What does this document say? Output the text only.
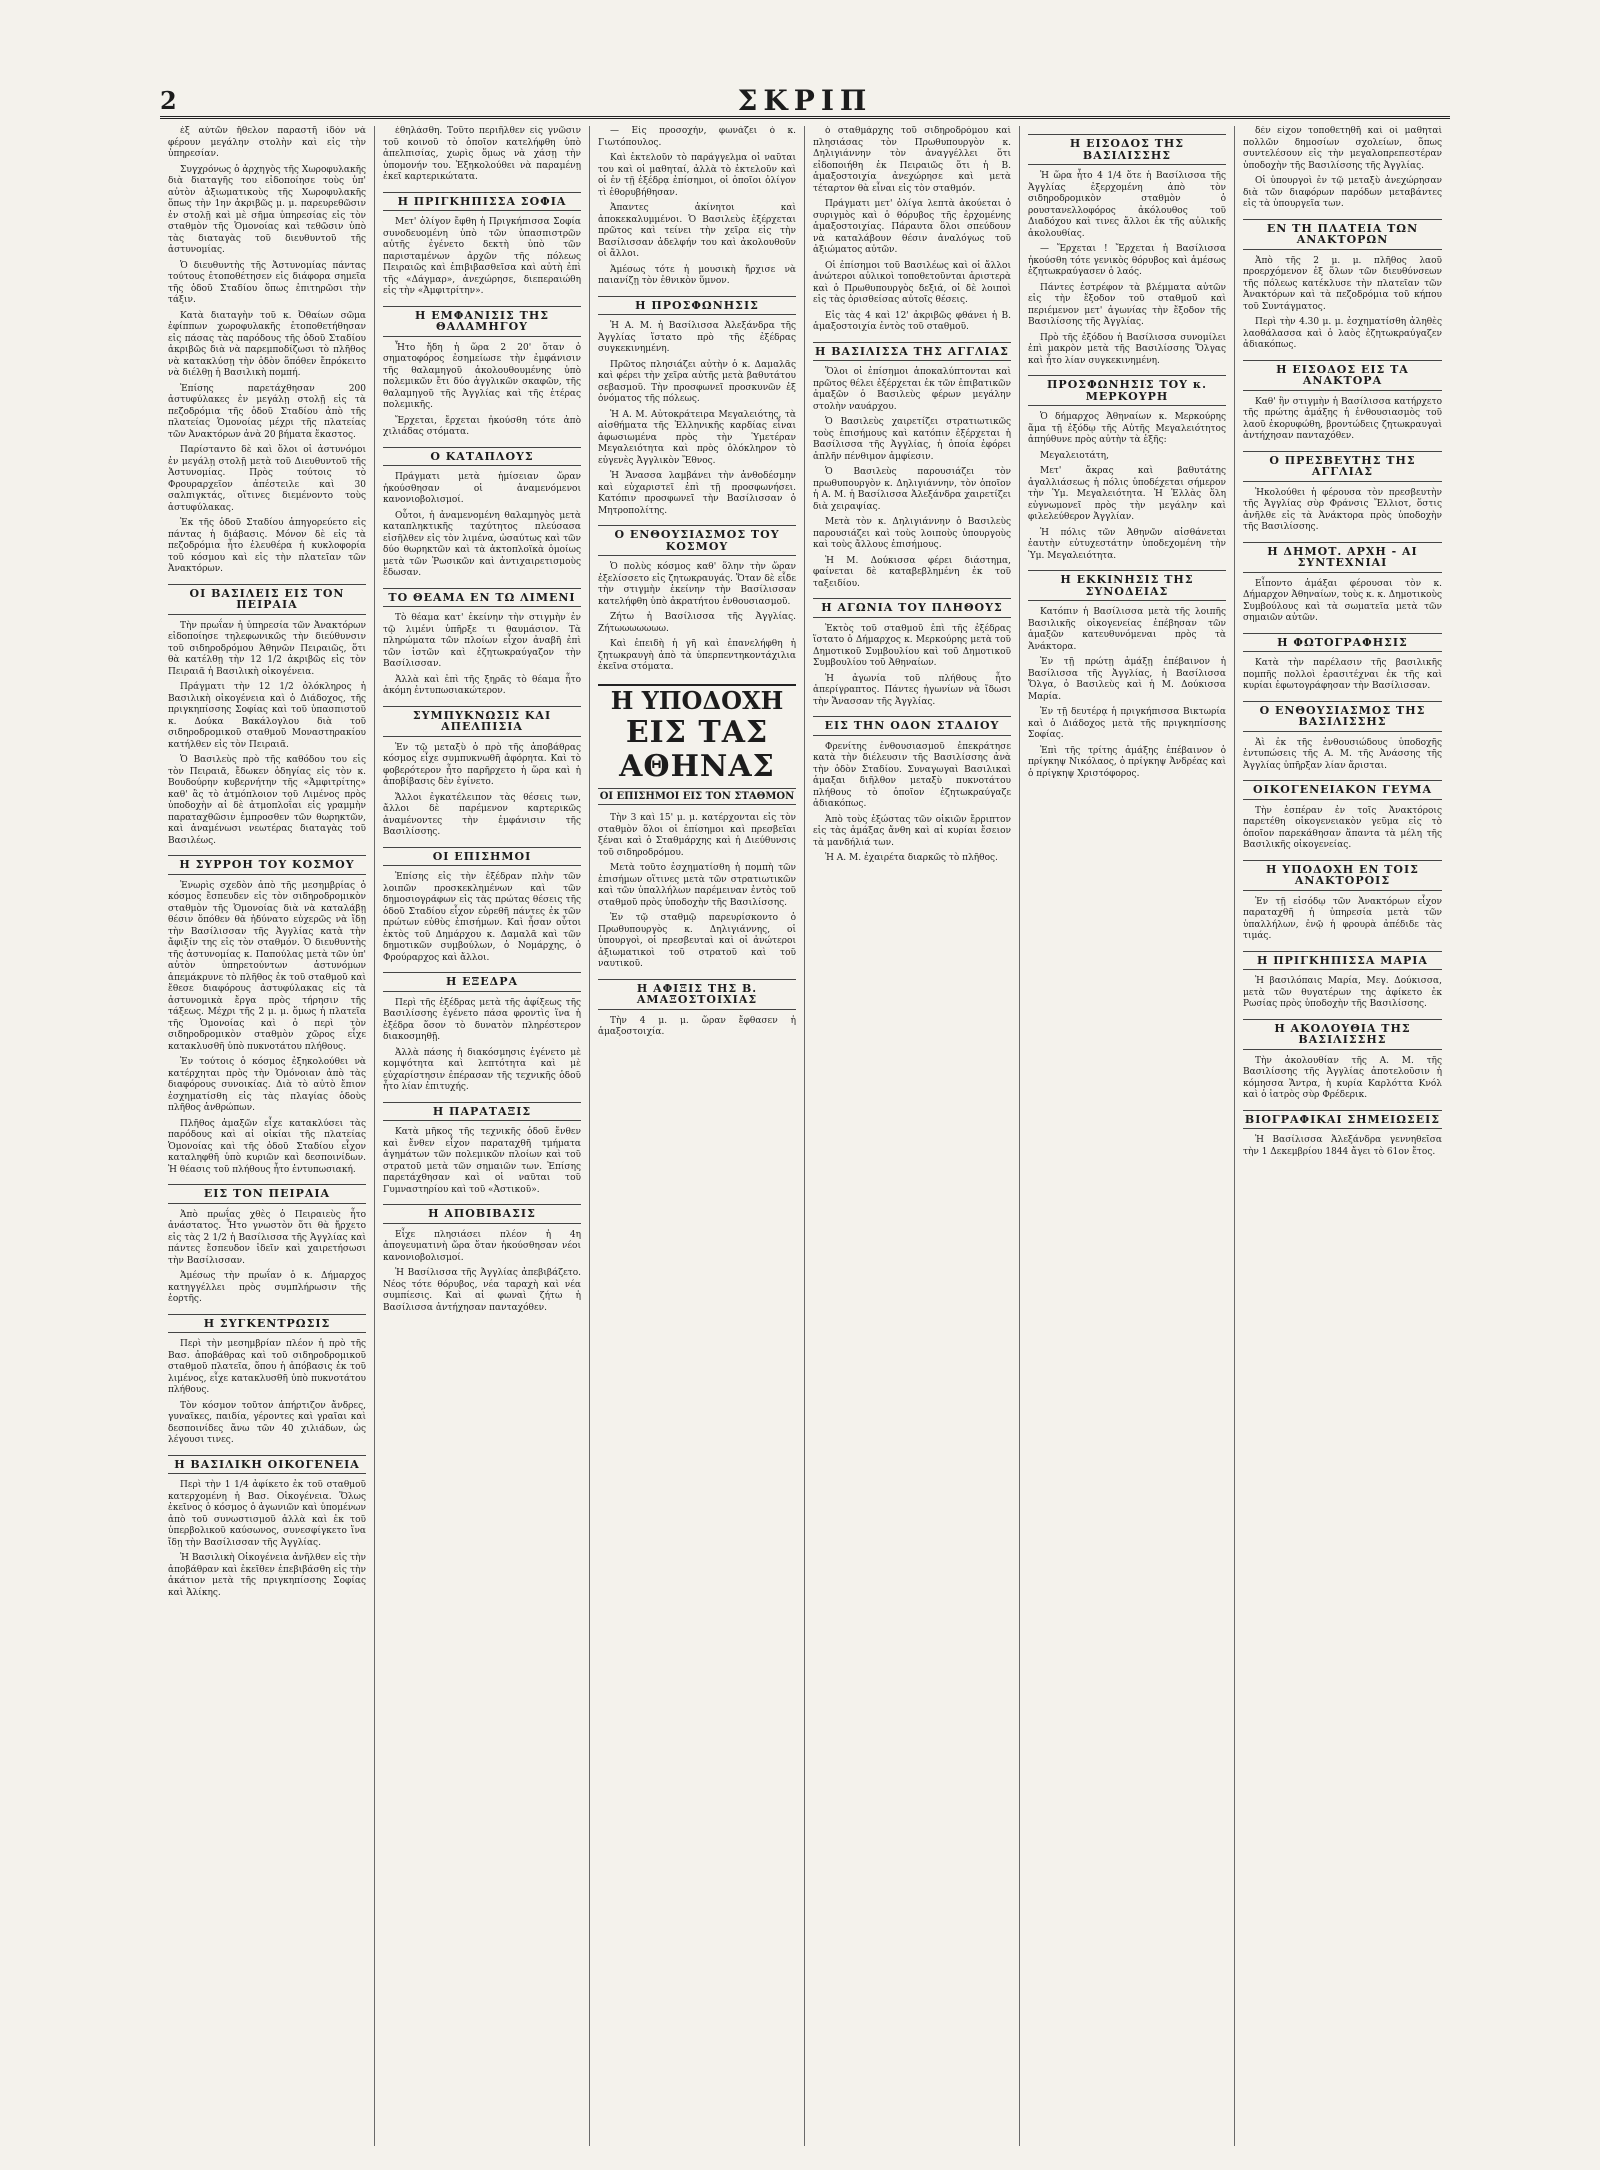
2	ΣΚΡΙΠ

ἐξ αὐτῶν ἤθελον παραστῆ ἰδόν νὰ φέρουν μεγάλην στολὴν καὶ εἰς τὴν ὑπηρεσίαν.

Συγχρόνως ὁ ἀρχηγὸς τῆς Χωροφυλακῆς διὰ διαταγῆς του εἰδοποίησε τοὺς ὑπ' αὐτὸν ἀξιωματικοὺς τῆς Χωροφυλακῆς ὅπως τὴν 1ην ἀκριβῶς μ. μ. παρευρεθῶσιν ἐν στολῇ καὶ μὲ σῆμα ὑπηρεσίας εἰς τὸν σταθμὸν τῆς Ὁμονοίας καὶ τεθῶσιν ὑπὸ τὰς διαταγὰς τοῦ διευθυντοῦ τῆς ἀστυνομίας.

Ὁ διευθυντὴς τῆς Ἀστυνομίας πάντας τούτους ἐτοποθέτησεν εἰς διάφορα σημεῖα τῆς ὁδοῦ Σταδίου ὅπως ἐπιτηρῶσι τὴν τάξιν.

Κατὰ διαταγὴν τοῦ κ. Ὀθαίων σῶμα ἐφίππων χωροφυλακῆς ἐτοποθετήθησαν εἰς πάσας τὰς παρόδους τῆς ὁδοῦ Σταδίου ἀκριβῶς διὰ νὰ παρεμποδίζωσι τὸ πλῆθος νὰ κατακλύσῃ τὴν ὁδὸν ὅπόθεν ἔπρόκειτο νὰ διέλθῃ ἡ Βασιλικὴ πομπή.

Ἐπίσης παρετάχθησαν 200 ἀστυφύλακες ἐν μεγάλῃ στολῇ εἰς τὰ πεζοδρόμια τῆς ὁδοῦ Σταδίου ἀπὸ τῆς πλατείας Ὁμονοίας μέχρι τῆς πλατείας τῶν Ἀνακτόρων ἀνὰ 20 βήματα ἕκαστος.

Παρίσταντο δὲ καὶ ὅλοι οἱ ἀστυνόμοι ἐν μεγάλῃ στολῇ μετὰ τοῦ Διευθυντοῦ τῆς Ἀστυνομίας. Πρὸς τούτοις τὸ Φρουραρχεῖον ἀπέστειλε καὶ 30 σαλπιγκτάς, οἵτινες διεμένοντο τοὺς ἀστυφύλακας.

Ἐκ τῆς ὁδοῦ Σταδίου ἀπηγορεύετο εἰς πάντας ἡ διάβασις. Μόνον δὲ εἰς τὰ πεζοδρόμια ἦτο ἐλευθέρα ἡ κυκλοφορία τοῦ κόσμου καὶ εἰς τὴν πλατεῖαν τῶν Ἀνακτόρων.

ΟΙ ΒΑΣΙΛΕΙΣ ΕΙΣ ΤΟΝ ΠΕΙΡΑΙΑ

Τὴν πρωΐαν ἡ ὑπηρεσία τῶν Ἀνακτόρων εἰδοποίησε τηλεφωνικῶς τὴν διεύθυνσιν τοῦ σιδηροδρόμου Ἀθηνῶν Πειραιῶς, ὅτι θὰ κατέλθῃ τὴν 12 1/2 ἀκριβῶς εἰς τὸν Πειραιᾶ ἡ Βασιλικὴ οἰκογένεια.

Πράγματι τὴν 12 1/2 ὁλόκληρος ἡ Βασιλικὴ οἰκογένεια καὶ ὁ Διάδοχος, τῆς πριγκηπίσσης Σοφίας καὶ τοῦ ὑπασπιστοῦ κ. Δούκα Βακάλογλου διὰ τοῦ σιδηροδρομικοῦ σταθμοῦ Μοναστηρακίου κατήλθεν εἰς τὸν Πειραιᾶ.

Ὁ Βασιλεὺς πρὸ τῆς καθόδου του εἰς τὸν Πειραιᾶ, ἔδωκεν ὁδηγίας εἰς τὸν κ. Βουδούρην κυβερνήτην τῆς «Ἀμφιτρίτης» καθ' ἃς τὸ ἀτμόπλοιον τοῦ Λιμένος πρὸς ὑποδοχὴν αἱ δὲ ἀτμοπλοΐαι εἰς γραμμὴν παραταχθῶσιν ἐμπροσθεν τῶν θωρηκτῶν, καὶ ἀναμένωσι νεωτέρας διαταγὰς τοῦ Βασιλέως.

Η ΣΥΡΡΟΗ ΤΟΥ ΚΟΣΜΟΥ

Ἐνωρὶς σχεδὸν ἀπὸ τῆς μεσημβρίας ὁ κόσμος ἔσπευδεν εἰς τὸν σιδηροδρομικὸν σταθμὸν τῆς Ὁμονοίας διὰ νὰ καταλάβῃ θέσιν ὅπόθεν θὰ ἠδύνατο εὐχερῶς νὰ ἴδῃ τὴν Βασίλισσαν τῆς Ἀγγλίας κατὰ τὴν ἄφιξίν της εἰς τὸν σταθμόν. Ὁ διευθυντὴς τῆς ἀστυνομίας κ. Παπούλας μετὰ τῶν ὑπ' αὐτὸν ὑπηρετούντων ἀστυνόμων ἀπεμάκρυνε τὸ πλῆθος ἐκ τοῦ σταθμοῦ καὶ ἔθεσε διαφόρους ἀστυφύλακας εἰς τὰ ἀστυνομικὰ ἔργα πρὸς τήρησιν τῆς τάξεως. Μέχρι τῆς 2 μ. μ. ὅμως ἡ πλατεῖα τῆς Ὁμονοίας καὶ ὁ περὶ τὸν σιδηροδρομικὸν σταθμὸν χῶρος εἶχε κατακλυσθῆ ὑπὸ πυκνοτάτου πλήθους.

Ἐν τούτοις ὁ κόσμος ἐξηκολούθει νὰ κατέρχηται πρὸς τὴν Ὁμόνοιαν ἀπὸ τὰς διαφόρους συνοικίας. Διὰ τὸ αὐτὸ ἔπιον ἐσχηματίσθη εἰς τὰς πλαγίας ὁδοὺς πλῆθος ἀνθρώπων.

Πλῆθος ἀμαξῶν εἶχε κατακλύσει τὰς παρόδους καὶ αἱ οἰκίαι τῆς πλατείας Ὁμονοίας καὶ τῆς ὁδοῦ Σταδίου εἶχον καταληφθῆ ὑπὸ κυριῶν καὶ δεσποινίδων. Ἡ θέασις τοῦ πλήθους ἦτο ἐντυπωσιακή.

ΕΙΣ ΤΟΝ ΠΕΙΡΑΙΑ

Ἀπὸ πρωΐας χθὲς ὁ Πειραιεὺς ἦτο ἀνάστατος. Ἦτο γνωστὸν ὅτι θὰ ἤρχετο εἰς τὰς 2 1/2 ἡ Βασίλισσα τῆς Ἀγγλίας καὶ πάντες ἔσπευδον ἰδεῖν καὶ χαιρετήσωσι τὴν Βασίλισσαν.

Ἀμέσως τὴν πρωΐαν ὁ κ. Δήμαρχος κατηγγέλλει πρὸς συμπλήρωσιν τῆς ἑορτῆς.

Η ΣΥΓΚΕΝΤΡΩΣΙΣ

Περὶ τὴν μεσημβρίαν πλέον ἡ πρὸ τῆς Βασ. ἀποβάθρας καὶ τοῦ σιδηροδρομικοῦ σταθμοῦ πλατεῖα, ὅπου ἡ ἀπόβασις ἐκ τοῦ λιμένος, εἶχε κατακλυσθῆ ὑπὸ πυκνοτάτου πλήθους.

Τὸν κόσμον τοῦτον ἀπήρτιζον ἄνδρες, γυναῖκες, παιδία, γέροντες καὶ γραῖαι καὶ δεσποινίδες ἄνω τῶν 40 χιλιάδων, ὡς λέγουσι τινες.

Η ΒΑΣΙΛΙΚΗ ΟΙΚΟΓΕΝΕΙΑ

Περὶ τὴν 1 1/4 ἀφίκετο ἐκ τοῦ σταθμοῦ κατερχομένη ἡ Βασ. Οἰκογένεια. Ὅλως ἐκεῖνος ὁ κόσμος ὁ ἀγωνιῶν καὶ ὑπομένων ἀπὸ τοῦ συνωστισμοῦ ἀλλὰ καὶ ἐκ τοῦ ὑπερβολικοῦ καύσωνος, συνεσφίγκετο ἵνα ἴδῃ τὴν Βασίλισσαν τῆς Ἀγγλίας.

Ἡ Βασιλικὴ Οἰκογένεια ἀνῆλθεν εἰς τὴν ἀποβάθραν καὶ ἐκεῖθεν ἐπεβιβάσθη εἰς τὴν ἀκάτιον μετὰ τῆς πριγκηπίσσης Σοφίας καὶ Ἀλίκης.

ἐθηλάσθη. Τοῦτο περιῆλθεν εἰς γνῶσιν τοῦ κοινοῦ τὸ ὁποῖον κατελήφθη ὑπὸ ἀπελπισίας, χωρὶς ὅμως νὰ χάσῃ τὴν ὑπομονήν του. Ἐξηκολούθει νὰ παραμένῃ ἐκεῖ καρτερικώτατα.

Η ΠΡΙΓΚΗΠΙΣΣΑ ΣΟΦΙΑ

Μετ' ὀλίγον ἔφθη ἡ Πριγκήπισσα Σοφία συνοδευομένη ὑπὸ τῶν ὑπασπιστρῶν αὐτῆς ἐγένετο δεκτὴ ὑπὸ τῶν παρισταμένων ἀρχῶν τῆς πόλεως Πειραιῶς καὶ ἐπιβιβασθεῖσα καὶ αὐτὴ ἐπὶ τῆς «Δάγμαρ», ἀνεχώρησε, διεπεραιώθη εἰς τὴν «Ἀμφιτρίτην».

Η ΕΜΦΑΝΙΣΙΣ ΤΗΣ ΘΑΛΑΜΗΓΟΥ

Ἦτο ἤδη ἡ ὥρα 2 20' ὅταν ὁ σηματοφόρος ἐσημείωσε τὴν ἐμφάνισιν τῆς θαλαμηγοῦ ἀκολουθουμένης ὑπὸ πολεμικῶν ἔτι δύο ἀγγλικῶν σκαφῶν, τῆς θαλαμηγοῦ τῆς Ἀγγλίας καὶ τῆς ἑτέρας πολεμικῆς.

Ἔρχεται, ἔρχεται ἠκούσθη τότε ἀπὸ χιλιάδας στόματα.

Ο ΚΑΤΑΠΛΟΥΣ

Πράγματι μετὰ ἡμίσειαν ὥραν ἠκούσθησαν οἱ ἀναμενόμενοι κανονιοβολισμοί.

Οὗτοι, ἡ ἀναμενομένη θαλαμηγὸς μετὰ καταπληκτικῆς ταχύτητος πλεύσασα εἰσῆλθεν εἰς τὸν λιμένα, ὡσαύτως καὶ τῶν δύο θωρηκτῶν καὶ τὰ ἀκτοπλοϊκὰ ὁμοίως μετὰ τῶν Ῥωσικῶν καὶ ἀντιχαιρετισμοὺς ἔδωσαν.

ΤΟ ΘΕΑΜΑ ΕΝ ΤΩ ΛΙΜΕΝΙ

Τὸ θέαμα κατ' ἐκείνην τὴν στιγμὴν ἐν τῷ λιμένι ὑπῆρξε τι θαυμάσιον. Τὰ πληρώματα τῶν πλοίων εἶχον ἀναβῆ ἐπὶ τῶν ἱστῶν καὶ ἐζητωκραύγαζον τὴν Βασίλισσαν.

Ἀλλὰ καὶ ἐπὶ τῆς ξηρᾶς τὸ θέαμα ἦτο ἀκόμη ἐντυπωσιακώτερον.

ΣΥΜΠΥΚΝΩΣΙΣ ΚΑΙ ΑΠΕΛΠΙΣΙΑ

Ἐν τῷ μεταξὺ ὁ πρὸ τῆς ἀποβάθρας κόσμος εἶχε συμπυκνωθῆ ἀφόρητα. Καὶ τὸ φοβερότερον ἦτο παρῆρχετο ἡ ὥρα καὶ ἡ ἀποβίβασις δὲν ἐγίνετο.

Ἄλλοι ἐγκατέλειπον τὰς θέσεις των, ἄλλοι δὲ παρέμενον καρτερικῶς ἀναμένοντες τὴν ἐμφάνισιν τῆς Βασιλίσσης.

ΟΙ ΕΠΙΣΗΜΟΙ

Ἐπίσης εἰς τὴν ἐξέδραν πλὴν τῶν λοιπῶν προσκεκλημένων καὶ τῶν δημοσιογράφων εἰς τὰς πρώτας θέσεις τῆς ὁδοῦ Σταδίου εἶχον εὑρεθῆ πάντες ἐκ τῶν πρώτων εὐθὺς ἐπισήμων. Καὶ ἦσαν οὗτοι ἐκτὸς τοῦ Δημάρχου κ. Δαμαλᾶ καὶ τῶν δημοτικῶν συμβούλων, ὁ Νομάρχης, ὁ Φρούραρχος καὶ ἄλλοι.

Η ΕΞΕΔΡΑ

Περὶ τῆς ἐξέδρας μετὰ τῆς ἀφίξεως τῆς Βασιλίσσης ἐγένετο πάσα φροντὶς ἵνα ἡ ἐξέδρα ὅσον τὸ δυνατὸν πληρέστερον διακοσμηθῇ.

Ἀλλὰ πάσης ἡ διακόσμησις ἐγένετο μὲ κομψότητα καὶ λεπτότητα καὶ μὲ εὐχαρίστησιν ἐπέρασαν τῆς τεχνικῆς ὁδοῦ ἦτο λίαν ἐπιτυχής.

Η ΠΑΡΑΤΑΞΙΣ

Κατὰ μῆκος τῆς τεχνικῆς ὁδοῦ ἔνθεν καὶ ἔνθεν εἶχον παραταχθῆ τμήματα ἀγημάτων τῶν πολεμικῶν πλοίων καὶ τοῦ στρατοῦ μετὰ τῶν σημαιῶν των. Ἐπίσης παρετάχθησαν καὶ οἱ ναῦται τοῦ Γυμναστηρίου καὶ τοῦ «Ἀστικοῦ».

Η ΑΠΟΒΙΒΑΣΙΣ

Εἶχε πλησιάσει πλέον ἡ 4η ἀπογευματινὴ ὥρα ὅταν ἠκούσθησαν νέοι κανονιοβολισμοί.

Ἡ Βασίλισσα τῆς Ἀγγλίας ἀπεβιβάζετο. Νέος τότε θόρυβος, νέα ταραχὴ καὶ νέα συμπίεσις. Καὶ αἱ φωναὶ ζήτω ἡ Βασίλισσα ἀντήχησαν πανταχόθεν.

— Εἰς προσοχήν, φωνάζει ὁ κ. Γιωτόπουλος.

Καὶ ἐκτελοῦν τὸ παράγγελμα οἱ ναῦται του καὶ οἱ μαθηταί, ἀλλὰ τὸ ἐκτελοῦν καὶ οἱ ἐν τῇ ἐξέδρᾳ ἐπίσημοι, οἱ ὁποῖοι ὀλίγον τὶ ἐθορυβήθησαν.

Ἀπαντες ἀκίνητοι καὶ ἀποκεκαλυμμένοι. Ὁ Βασιλεὺς ἐξέρχεται πρῶτος καὶ τείνει τὴν χεῖρα εἰς τὴν Βασίλισσαν ἀδελφήν του καὶ ἀκολουθοῦν οἱ ἄλλοι.

Ἀμέσως τότε ἡ μουσικὴ ἤρχισε νὰ παιανίζῃ τὸν ἐθνικὸν ὕμνον.

Η ΠΡΟΣΦΩΝΗΣΙΣ

Ἡ Α. Μ. ἡ Βασίλισσα Ἀλεξάνδρα τῆς Ἀγγλίας ἵστατο πρὸ τῆς ἐξέδρας συγκεκινημένη.

Πρῶτος πλησιάζει αὐτὴν ὁ κ. Δαμαλᾶς καὶ φέρει τὴν χεῖρα αὐτῆς μετὰ βαθυτάτου σεβασμοῦ. Τὴν προσφωνεῖ προσκυνῶν ἐξ ὀνόματος τῆς πόλεως.

Ἡ Α. Μ. Αὐτοκράτειρα Μεγαλειότης, τὰ αἰσθήματα τῆς Ἑλληνικῆς καρδίας εἶναι ἀφωσιωμένα πρὸς τὴν Ὑμετέραν Μεγαλειότητα καὶ πρὸς ὁλόκληρον τὸ εὐγενὲς Ἀγγλικὸν Ἔθνος.

Ἡ Ἄνασσα λαμβάνει τὴν ἀνθοδέσμην καὶ εὐχαριστεῖ ἐπὶ τῇ προσφωνήσει. Κατόπιν προσφωνεῖ τὴν Βασίλισσαν ὁ Μητροπολίτης.

Ο ΕΝΘΟΥΣΙΑΣΜΟΣ ΤΟΥ ΚΟΣΜΟΥ

Ὁ πολὺς κόσμος καθ' ὅλην τὴν ὥραν ἐξελίσσετο εἰς ζητωκραυγάς. Ὅταν δὲ εἶδε τὴν στιγμὴν ἐκείνην τὴν Βασίλισσαν κατελήφθη ὑπὸ ἀκρατήτου ἐνθουσιασμοῦ.

Ζήτω ἡ Βασίλισσα τῆς Ἀγγλίας. Ζήτωωωωωωω.

Καὶ ἐπειδὴ ἡ γῆ καὶ ἐπανελήφθη ἡ ζητωκραυγὴ ἀπὸ τὰ ὑπερπεντηκοντάχιλια ἐκεῖνα στόματα.

Η ΥΠΟΔΟΧΗ
ΕΙΣ ΤΑΣ ΑΘΗΝΑΣ
ΟΙ ΕΠΙΣΗΜΟΙ ΕΙΣ ΤΟΝ ΣΤΑΘΜΟΝ

Τὴν 3 καὶ 15' μ. μ. κατέρχονται εἰς τὸν σταθμὸν ὅλοι οἱ ἐπίσημοι καὶ πρεσβεῖαι ξέναι καὶ ὁ Σταθμάρχης καὶ ἡ Διεύθυνσις τοῦ σιδηροδρόμου.

Μετὰ τοῦτο ἐσχηματίσθη ἡ πομπὴ τῶν ἐπισήμων οἵτινες μετὰ τῶν στρατιωτικῶν καὶ τῶν ὑπαλλήλων παρέμειναν ἐντὸς τοῦ σταθμοῦ πρὸς ὑποδοχὴν τῆς Βασιλίσσης.

Ἐν τῷ σταθμῷ παρευρίσκοντο ὁ Πρωθυπουργὸς κ. Δηλιγιάννης, οἱ ὑπουργοὶ, οἱ πρεσβευταὶ καὶ οἱ ἀνώτεροι ἀξιωματικοὶ τοῦ στρατοῦ καὶ τοῦ ναυτικοῦ.

Η ΑΦΙΞΙΣ ΤΗΣ Β. ΑΜΑΞΟΣΤΟΙΧΙΑΣ

Τὴν 4 μ. μ. ὥραν ἔφθασεν ἡ ἁμαξοστοιχία.

ὁ σταθμάρχης τοῦ σιδηροδρόμου καὶ πλησιάσας τὸν Πρωθυπουργὸν κ. Δηλιγιάννην τὸν ἀναγγέλλει ὅτι εἰδοποιήθη ἐκ Πειραιῶς ὅτι ἡ Β. ἁμαξοστοιχία ἀνεχώρησε καὶ μετὰ τέταρτον θὰ εἶναι εἰς τὸν σταθμόν.

Πράγματι μετ' ὀλίγα λεπτὰ ἀκούεται ὁ συριγμὸς καὶ ὁ θόρυβος τῆς ἐρχομένης ἁμαξοστοιχίας. Πάραυτα ὅλοι σπεύδουν νὰ καταλάβουν θέσιν ἀναλόγως τοῦ ἀξιώματος αὐτῶν.

Οἱ ἐπίσημοι τοῦ Βασιλέως καὶ οἱ ἄλλοι ἀνώτεροι αὐλικοὶ τοποθετοῦνται ἀριστερὰ καὶ ὁ Πρωθυπουργὸς δεξιά, οἱ δὲ λοιποὶ εἰς τὰς ὁρισθείσας αὐτοῖς θέσεις.

Εἰς τὰς 4 καὶ 12' ἀκριβῶς φθάνει ἡ Β. ἁμαξοστοιχία ἐντὸς τοῦ σταθμοῦ.

Η ΒΑΣΙΛΙΣΣΑ ΤΗΣ ΑΓΓΛΙΑΣ

Ὅλοι οἱ ἐπίσημοι ἀποκαλύπτονται καὶ πρῶτος θέλει ἐξέρχεται ἐκ τῶν ἐπιβατικῶν ἀμαξῶν ὁ Βασιλεὺς φέρων μεγάλην στολὴν ναυάρχου.

Ὁ Βασιλεὺς χαιρετίζει στρατιωτικῶς τοὺς ἐπισήμους καὶ κατόπιν ἐξέρχεται ἡ Βασίλισσα τῆς Ἀγγλίας, ἡ ὁποία ἐφόρει ἀπλῆν πένθιμον ἀμφίεσιν.

Ὁ Βασιλεὺς παρουσιάζει τὸν πρωθυπουργὸν κ. Δηλιγιάννην, τὸν ὁποῖον ἡ Α. Μ. ἡ Βασίλισσα Ἀλεξάνδρα χαιρετίζει διὰ χειραψίας.

Μετὰ τὸν κ. Δηλιγιάννην ὁ Βασιλεὺς παρουσιάζει καὶ τοὺς λοιποὺς ὑπουργοὺς καὶ τοὺς ἄλλους ἐπισήμους.

Ἡ Μ. Δούκισσα φέρει διάστημα, φαίνεται δὲ καταβεβλημένη ἐκ τοῦ ταξειδίου.

Η ΑΓΩΝΙΑ ΤΟΥ ΠΛΗΘΟΥΣ

Ἐκτὸς τοῦ σταθμοῦ ἐπὶ τῆς ἐξέδρας ἵστατο ὁ Δήμαρχος κ. Μερκούρης μετὰ τοῦ Δημοτικοῦ Συμβουλίου καὶ τοῦ Δημοτικοῦ Συμβουλίου τοῦ Ἀθηναίων.

Ἡ ἀγωνία τοῦ πλήθους ἦτο ἀπερίγραπτος. Πάντες ἠγωνίων νὰ ἴδωσι τὴν Ἄνασσαν τῆς Ἀγγλίας.

ΕΙΣ ΤΗΝ ΟΔΟΝ ΣΤΑΔΙΟΥ

Φρενίτης ἐνθουσιασμοῦ ἐπεκράτησε κατὰ τὴν διέλευσιν τῆς Βασιλίσσης ἀνὰ τὴν ὁδὸν Σταδίου. Συναγωγαὶ Βασιλικαὶ ἁμαξαι διῆλθον μεταξὺ πυκνοτάτου πλήθους τὸ ὁποῖον ἐζητωκραύγαζε ἀδιακόπως.

Ἀπὸ τοὺς ἐξώστας τῶν οἰκιῶν ἔρριπτον εἰς τὰς ἁμάξας ἄνθη καὶ αἱ κυρίαι ἔσειον τὰ μανδήλιά των.

Ἡ Α. Μ. ἐχαιρέτα διαρκῶς τὸ πλῆθος.

Η ΕΙΣΟΔΟΣ ΤΗΣ ΒΑΣΙΛΙΣΣΗΣ

Ἡ ὥρα ἦτο 4 1/4 ὅτε ἡ Βασίλισσα τῆς Ἀγγλίας ἐξερχομένη ἀπὸ τὸν σιδηροδρομικὸν σταθμὸν ὁ ρουστανελλοφόρος ἀκόλουθος τοῦ Διαδόχου καὶ τινες ἄλλοι ἐκ τῆς αὐλικῆς ἀκολουθίας.

— Ἔρχεται ! Ἔρχεται ἡ Βασίλισσα ἠκούσθη τότε γενικὸς θόρυβος καὶ ἀμέσως ἐζητωκραύγασεν ὁ λαός.

Πάντες ἐστρέφον τὰ βλέμματα αὐτῶν εἰς τὴν ἔξοδον τοῦ σταθμοῦ καὶ περιέμενον μετ' ἀγωνίας τὴν ἔξοδον τῆς Βασιλίσσης τῆς Ἀγγλίας.

Πρὸ τῆς ἐξόδου ἡ Βασίλισσα συνομίλει ἐπὶ μακρὸν μετὰ τῆς Βασιλίσσης Ὄλγας καὶ ἦτο λίαν συγκεκινημένη.

ΠΡΟΣΦΩΝΗΣΙΣ ΤΟΥ κ. ΜΕΡΚΟΥΡΗ

Ὁ δήμαρχος Ἀθηναίων κ. Μερκούρης ἅμα τῇ ἐξόδῳ τῆς Αὐτῆς Μεγαλειότητος ἀπηύθυνε πρὸς αὐτὴν τὰ ἑξῆς:

Μεγαλειοτάτη,

Μετ' ἄκρας καὶ βαθυτάτης ἀγαλλιάσεως ἡ πόλις ὑποδέχεται σήμερον τὴν Ὑμ. Μεγαλειότητα. Ἡ Ἑλλὰς ὅλη εὐγνωμονεῖ πρὸς τὴν μεγάλην καὶ φιλελεύθερον Ἀγγλίαν.

Ἡ πόλις τῶν Ἀθηνῶν αἰσθάνεται ἐαυτὴν εὐτυχεστάτην ὑποδεχομένη τὴν Ὑμ. Μεγαλειότητα.

Η ΕΚΚΙΝΗΣΙΣ ΤΗΣ ΣΥΝΟΔΕΙΑΣ

Κατόπιν ἡ Βασίλισσα μετὰ τῆς λοιπῆς Βασιλικῆς οἰκογενείας ἐπέβησαν τῶν ἁμαξῶν κατευθυνόμεναι πρὸς τὰ Ἀνάκτορα.

Ἐν τῇ πρώτῃ ἁμάξῃ ἐπέβαινον ἡ Βασίλισσα τῆς Ἀγγλίας, ἡ Βασίλισσα Ὄλγα, ὁ Βασιλεὺς καὶ ἡ Μ. Δούκισσα Μαρία.

Ἐν τῇ δευτέρᾳ ἡ πριγκήπισσα Βικτωρία καὶ ὁ Διάδοχος μετὰ τῆς πριγκηπίσσης Σοφίας.

Ἐπὶ τῆς τρίτης ἁμάξης ἐπέβαινον ὁ πρίγκηψ Νικόλαος, ὁ πρίγκηψ Ἀνδρέας καὶ ὁ πρίγκηψ Χριστόφορος.

δὲν εἶχον τοποθετηθῆ καὶ οἱ μαθηταὶ πολλῶν δημοσίων σχολείων, ὅπως συντελέσουν εἰς τὴν μεγαλοπρεπεστέραν ὑποδοχὴν τῆς Βασιλίσσης τῆς Ἀγγλίας.

Οἱ ὑπουργοὶ ἐν τῷ μεταξὺ ἀνεχώρησαν διὰ τῶν διαφόρων παρόδων μεταβάντες εἰς τὰ ὑπουργεῖα των.

ΕΝ ΤΗ ΠΛΑΤΕΙΑ ΤΩΝ ΑΝΑΚΤΟΡΩΝ

Ἀπὸ τῆς 2 μ. μ. πλῆθος λαοῦ προερχόμενον ἐξ ὅλων τῶν διευθύνσεων τῆς πόλεως κατέκλυσε τὴν πλατεῖαν τῶν Ἀνακτόρων καὶ τὰ πεζοδρόμια τοῦ κήπου τοῦ Συντάγματος.

Περὶ τὴν 4.30 μ. μ. ἐσχηματίσθη ἀληθὲς λαοθάλασσα καὶ ὁ λαὸς ἐζητωκραύγαζεν ἀδιακόπως.

Η ΕΙΣΟΔΟΣ ΕΙΣ ΤΑ ΑΝΑΚΤΟΡΑ

Καθ' ἣν στιγμὴν ἡ Βασίλισσα κατήρχετο τῆς πρώτης ἁμάξης ἡ ἐνθουσιασμὸς τοῦ λαοῦ ἐκορυφώθη, βροντώδεις ζητωκραυγαὶ ἀντήχησαν πανταχόθεν.

Ο ΠΡΕΣΒΕΥΤΗΣ ΤΗΣ ΑΓΓΛΙΑΣ

Ἠκολούθει ἡ φέρουσα τὸν πρεσβευτὴν τῆς Ἀγγλίας σὺρ Φράνσις Ἔλλιοτ, ὅστις ἀνῆλθε εἰς τὰ Ἀνάκτορα πρὸς ὑποδοχὴν τῆς Βασιλίσσης.

Η ΔΗΜΟΤ. ΑΡΧΗ - ΑΙ ΣΥΝΤΕΧΝΙΑΙ

Εἶποντο ἁμάξαι φέρουσαι τὸν κ. Δήμαρχον Ἀθηναίων, τοὺς κ. κ. Δημοτικοὺς Συμβούλους καὶ τὰ σωματεῖα μετὰ τῶν σημαιῶν αὐτῶν.

Η ΦΩΤΟΓΡΑΦΗΣΙΣ

Κατὰ τὴν παρέλασιν τῆς βασιλικῆς πομπῆς πολλοὶ ἐρασιτέχναι ἐκ τῆς καὶ κυρίαι ἐφωτογράφησαν τὴν Βασίλισσαν.

Ο ΕΝΘΟΥΣΙΑΣΜΟΣ ΤΗΣ ΒΑΣΙΛΙΣΣΗΣ

Ἀὶ ἐκ τῆς ἐνθουσιώδους ὑποδοχῆς ἐντυπώσεις τῆς Α. Μ. τῆς Ἀνάσσης τῆς Ἀγγλίας ὑπῆρξαν λίαν ἄρισται.

ΟΙΚΟΓΕΝΕΙΑΚΟΝ ΓΕΥΜΑ

Τὴν ἑσπέραν ἐν τοῖς Ἀνακτόροις παρετέθη οἰκογενειακὸν γεῦμα εἰς τὸ ὁποῖον παρεκάθησαν ἅπαντα τὰ μέλη τῆς Βασιλικῆς οἰκογενείας.

Η ΥΠΟΔΟΧΗ ΕΝ ΤΟΙΣ ΑΝΑΚΤΟΡΟΙΣ

Ἐν τῇ εἰσόδῳ τῶν Ἀνακτόρων εἶχον παραταχθῆ ἡ ὑπηρεσία μετὰ τῶν ὑπαλλήλων, ἐνῷ ἡ φρουρὰ ἀπέδιδε τὰς τιμάς.

Η ΠΡΙΓΚΗΠΙΣΣΑ ΜΑΡΙΑ

Ἡ βασιλόπαις Μαρία, Μεγ. Δούκισσα, μετὰ τῶν θυγατέρων της ἀφίκετο ἐκ Ρωσίας πρὸς ὑποδοχὴν τῆς Βασιλίσσης.

Η ΑΚΟΛΟΥΘΙΑ ΤΗΣ ΒΑΣΙΛΙΣΣΗΣ

Τὴν ἀκολουθίαν τῆς Α. Μ. τῆς Βασιλίσσης τῆς Ἀγγλίας ἀποτελοῦσιν ἡ κόμησσα Ἄντρα, ἡ κυρία Καρλόττα Κνόλ καὶ ὁ ἰατρὸς σὺρ Φρέδερικ.

ΒΙΟΓΡΑΦΙΚΑΙ ΣΗΜΕΙΩΣΕΙΣ

Ἡ Βασίλισσα Ἀλεξάνδρα γεννηθεῖσα τὴν 1 Δεκεμβρίου 1844 ἄγει τὸ 61ον ἔτος.
